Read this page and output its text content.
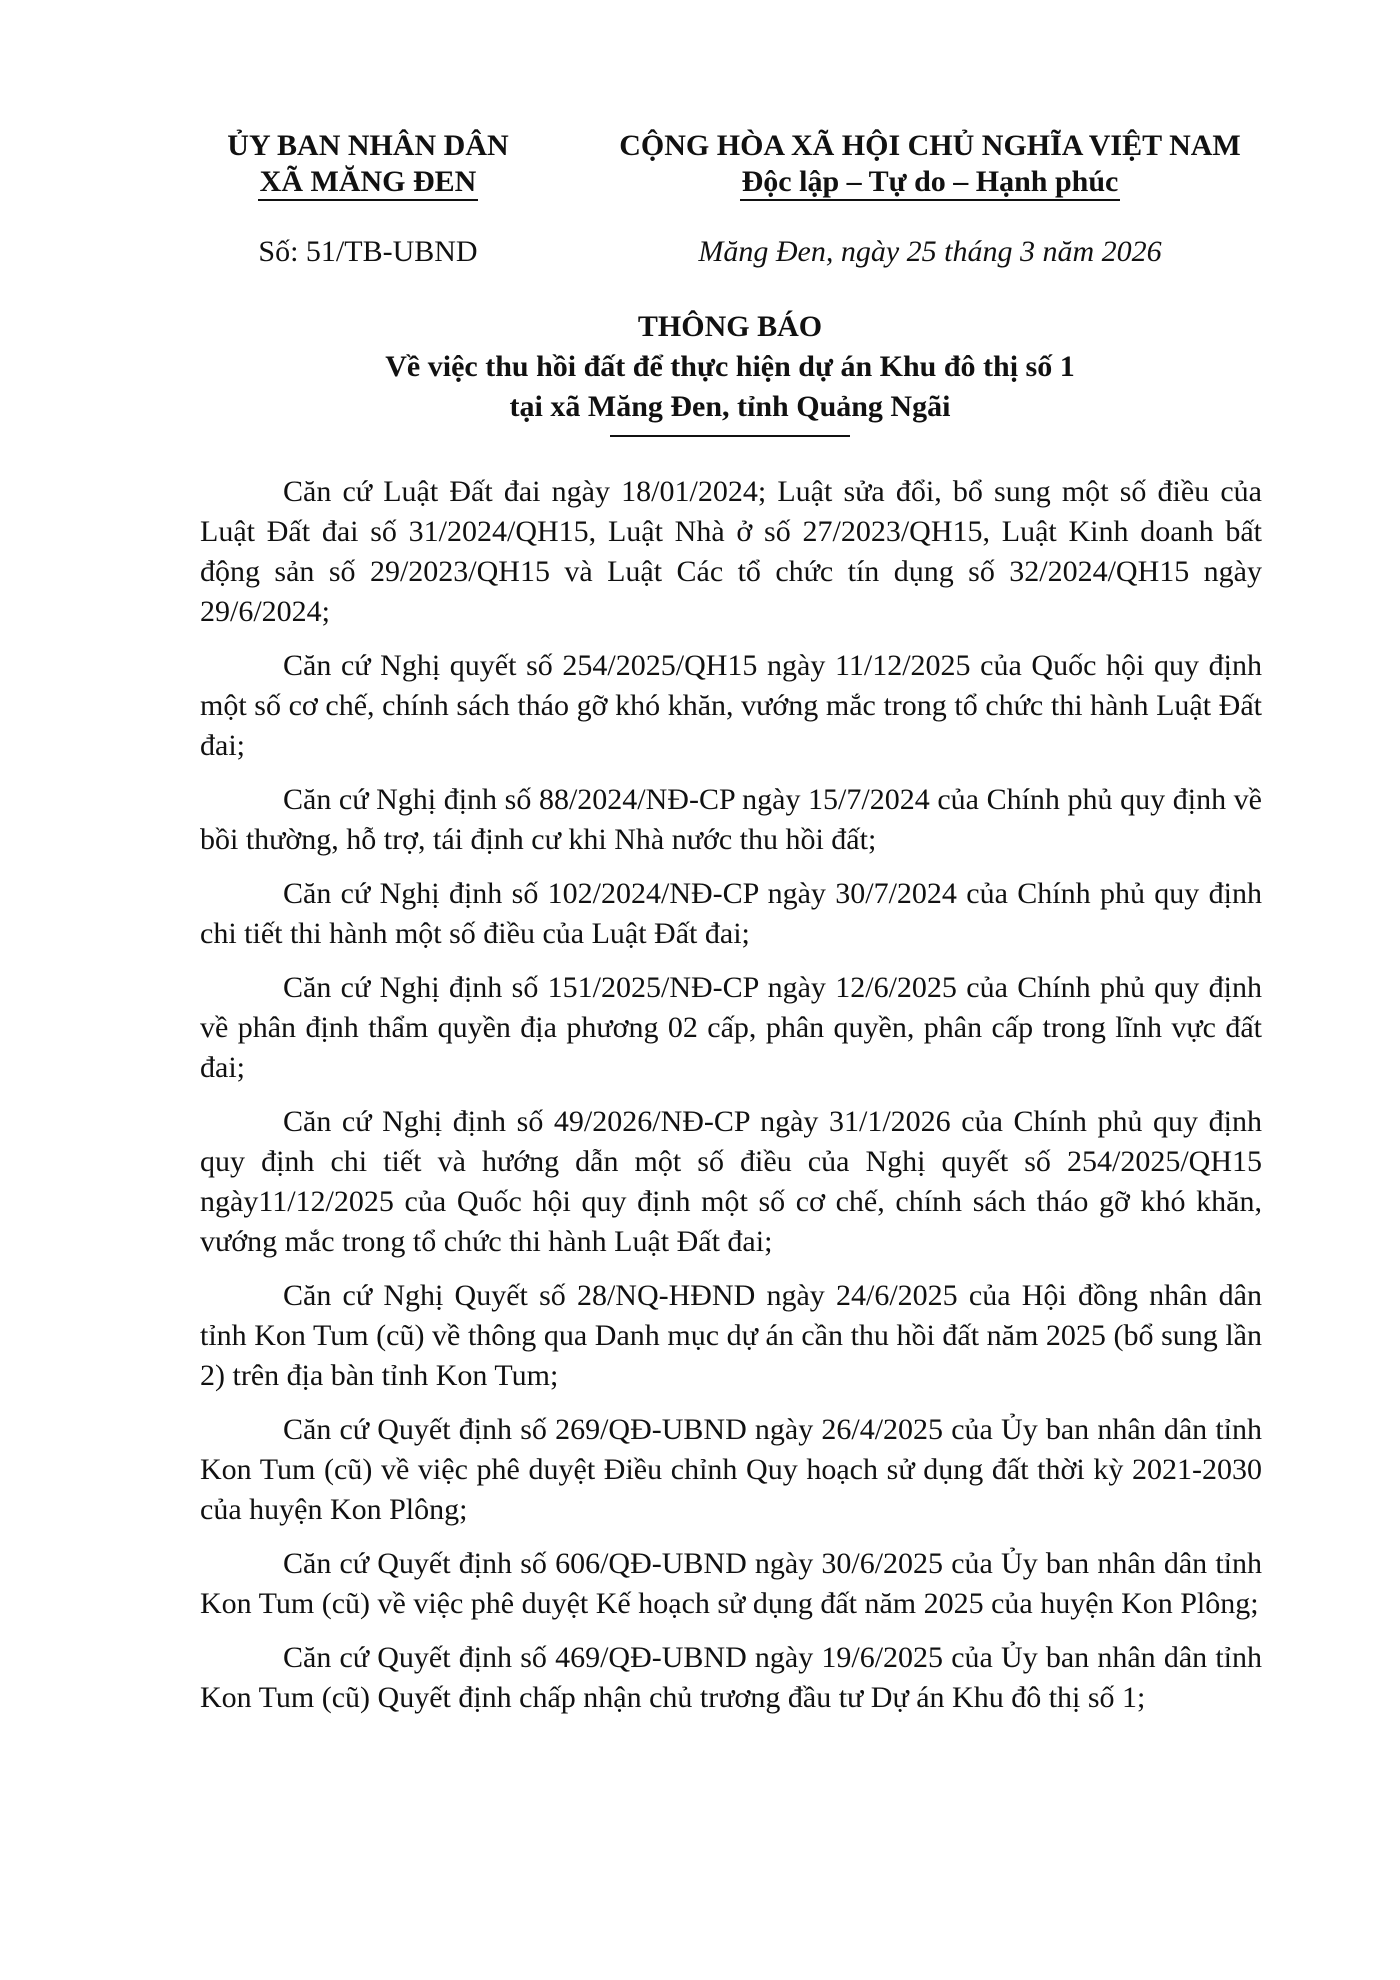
ỦY BAN NHÂN DÂN
XÃ MĂNG ĐEN
CỘNG HÒA XÃ HỘI CHỦ NGHĨA VIỆT NAM
Độc lập – Tự do – Hạnh phúc
Số: 51/TB-UBND	Măng Đen, ngày 25 tháng 3 năm 2026
THÔNG BÁO
Về việc thu hồi đất để thực hiện dự án Khu đô thị số 1
tại xã Măng Đen, tỉnh Quảng Ngãi

Căn cứ Luật Đất đai ngày 18/01/2024; Luật sửa đổi, bổ sung một số điều của Luật Đất đai số 31/2024/QH15, Luật Nhà ở số 27/2023/QH15, Luật Kinh doanh bất động sản số 29/2023/QH15 và Luật Các tổ chức tín dụng số 32/2024/QH15 ngày 29/6/2024;

Căn cứ Nghị quyết số 254/2025/QH15 ngày 11/12/2025 của Quốc hội quy định một số cơ chế, chính sách tháo gỡ khó khăn, vướng mắc trong tổ chức thi hành Luật Đất đai;

Căn cứ Nghị định số 88/2024/NĐ-CP ngày 15/7/2024 của Chính phủ quy định về bồi thường, hỗ trợ, tái định cư khi Nhà nước thu hồi đất;

Căn cứ Nghị định số 102/2024/NĐ-CP ngày 30/7/2024 của Chính phủ quy định chi tiết thi hành một số điều của Luật Đất đai;

Căn cứ Nghị định số 151/2025/NĐ-CP ngày 12/6/2025 của Chính phủ quy định về phân định thẩm quyền địa phương 02 cấp, phân quyền, phân cấp trong lĩnh vực đất đai;

Căn cứ Nghị định số 49/2026/NĐ-CP ngày 31/1/2026 của Chính phủ quy định quy định chi tiết và hướng dẫn một số điều của Nghị quyết số 254/2025/QH15 ngày11/12/2025 của Quốc hội quy định một số cơ chế, chính sách tháo gỡ khó khăn, vướng mắc trong tổ chức thi hành Luật Đất đai;

Căn cứ Nghị Quyết số 28/NQ-HĐND ngày 24/6/2025 của Hội đồng nhân dân tỉnh Kon Tum (cũ) về thông qua Danh mục dự án cần thu hồi đất năm 2025 (bổ sung lần 2) trên địa bàn tỉnh Kon Tum;

Căn cứ Quyết định số 269/QĐ-UBND ngày 26/4/2025 của Ủy ban nhân dân tỉnh Kon Tum (cũ) về việc phê duyệt Điều chỉnh Quy hoạch sử dụng đất thời kỳ 2021-2030 của huyện Kon Plông;

Căn cứ Quyết định số 606/QĐ-UBND ngày 30/6/2025 của Ủy ban nhân dân tỉnh Kon Tum (cũ) về việc phê duyệt Kế hoạch sử dụng đất năm 2025 của huyện Kon Plông;

Căn cứ Quyết định số 469/QĐ-UBND ngày 19/6/2025 của Ủy ban nhân dân tỉnh Kon Tum (cũ) Quyết định chấp nhận chủ trương đầu tư Dự án Khu đô thị số 1;
